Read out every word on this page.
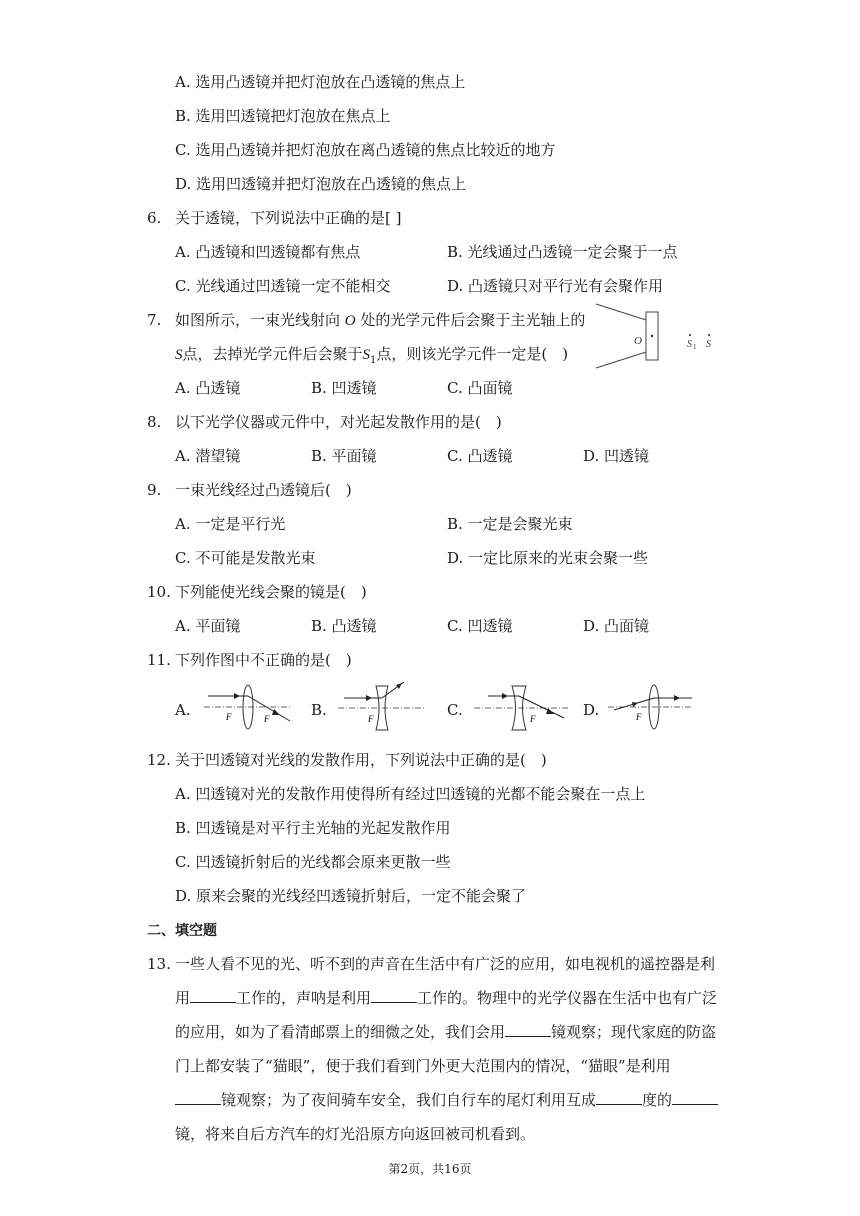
A. 选用凸透镜并把灯泡放在凸透镜的焦点上
B. 选用凹透镜把灯泡放在焦点上
C. 选用凸透镜并把灯泡放在离凸透镜的焦点比较近的地方
D. 选用凹透镜并把灯泡放在凸透镜的焦点上
6. 关于透镜，下列说法中正确的是[ ]
A. 凸透镜和凹透镜都有焦点	B. 光线通过凸透镜一定会聚于一点
C. 光线通过凹透镜一定不能相交	D. 凸透镜只对平行光有会聚作用
7. 如图所示，一束光线射向 O 处的光学元件后会聚于主光轴上的
S点，去掉光学元件后会聚于$S_1$点，则该光学元件一定是(　)
A. 凸透镜	B. 凹透镜	C. 凸面镜
O	S 1 S
8. 以下光学仪器或元件中，对光起发散作用的是(　)
A. 潜望镜	B. 平面镜	C. 凸透镜	D. 凹透镜
9. 一束光线经过凸透镜后(　)
A. 一定是平行光	B. 一定是会聚光束
C. 不可能是发散光束	D. 一定比原来的光束会聚一些
10. 下列能使光线会聚的镜是(　)
A. 平面镜	B. 凸透镜	C. 凹透镜	D. 凸面镜
11. 下列作图中不正确的是(　)
A.	F	F	B.	F	C.	F	D.	F
12. 关于凹透镜对光线的发散作用，下列说法中正确的是(　)
A. 凹透镜对光的发散作用使得所有经过凹透镜的光都不能会聚在一点上
B. 凹透镜是对平行主光轴的光起发散作用
C. 凹透镜折射后的光线都会原来更散一些
D. 原来会聚的光线经凹透镜折射后，一定不能会聚了
二、填空题
13. 一些人看不见的光、听不到的声音在生活中有广泛的应用，如电视机的遥控器是利
用	工作的，声呐是利用	工作的。物理中的光学仪器在生活中也有广泛
的应用，如为了看清邮票上的细微之处，我们会用	镜观察；现代家庭的防盗
门上都安装了“猫眼”，便于我们看到门外更大范围内的情况，“猫眼”是利用
镜观察；为了夜间骑车安全，我们自行车的尾灯利用互成	度的
镜，将来自后方汽车的灯光沿原方向返回被司机看到。
第2页，共16页
